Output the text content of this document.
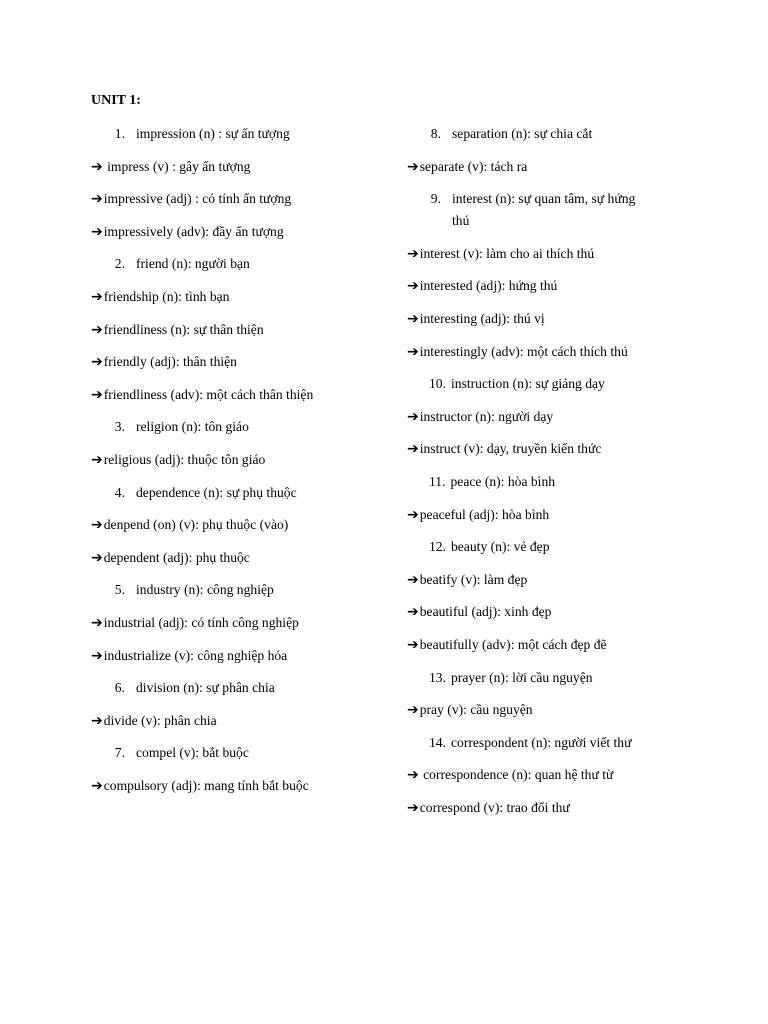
UNIT 1:
1. impression (n) : sự ấn tượng
➔ impress (v) : gây ấn tượng
➔impressive (adj) : có tính ấn tượng
➔impressively (adv): đầy ấn tượng
2. friend (n): người bạn
➔friendship (n): tình bạn
➔friendliness (n): sự thân thiện
➔friendly (adj): thân thiện
➔friendliness (adv): một cách thân thiện
3. religion (n): tôn giáo
➔religious (adj): thuộc tôn giáo
4. dependence (n): sự phụ thuộc
➔denpend (on) (v): phụ thuộc (vào)
➔dependent (adj): phụ thuộc
5. industry (n): công nghiệp
➔industrial (adj): có tính công nghiệp
➔industrialize (v): công nghiệp hóa
6. division (n): sự phân chia
➔divide (v): phân chia
7. compel (v): bắt buộc
➔compulsory (adj): mang tính bắt buộc
8. separation (n): sự chia cắt
➔separate (v): tách ra
thú
9. interest (n): sự quan tâm, sự hứng
➔interest (v): làm cho ai thích thú
➔interested (adj): hứng thú
➔interesting (adj): thú vị
➔interestingly (adv): một cách thích thú
10. instruction (n): sự giảng dạy
➔instructor (n): người dạy
➔instruct (v): dạy, truyền kiến thức
11. peace (n): hòa bình
➔peaceful (adj): hòa bình
12. beauty (n): vẻ đẹp
➔beatify (v): làm đẹp
➔beautiful (adj): xinh đẹp
➔beautifully (adv): một cách đẹp đẽ
13. prayer (n): lời cầu nguyện
➔pray (v): cầu nguyện
14. correspondent (n): người viết thư
➔ correspondence (n): quan hệ thư từ
➔correspond (v): trao đổi thư
